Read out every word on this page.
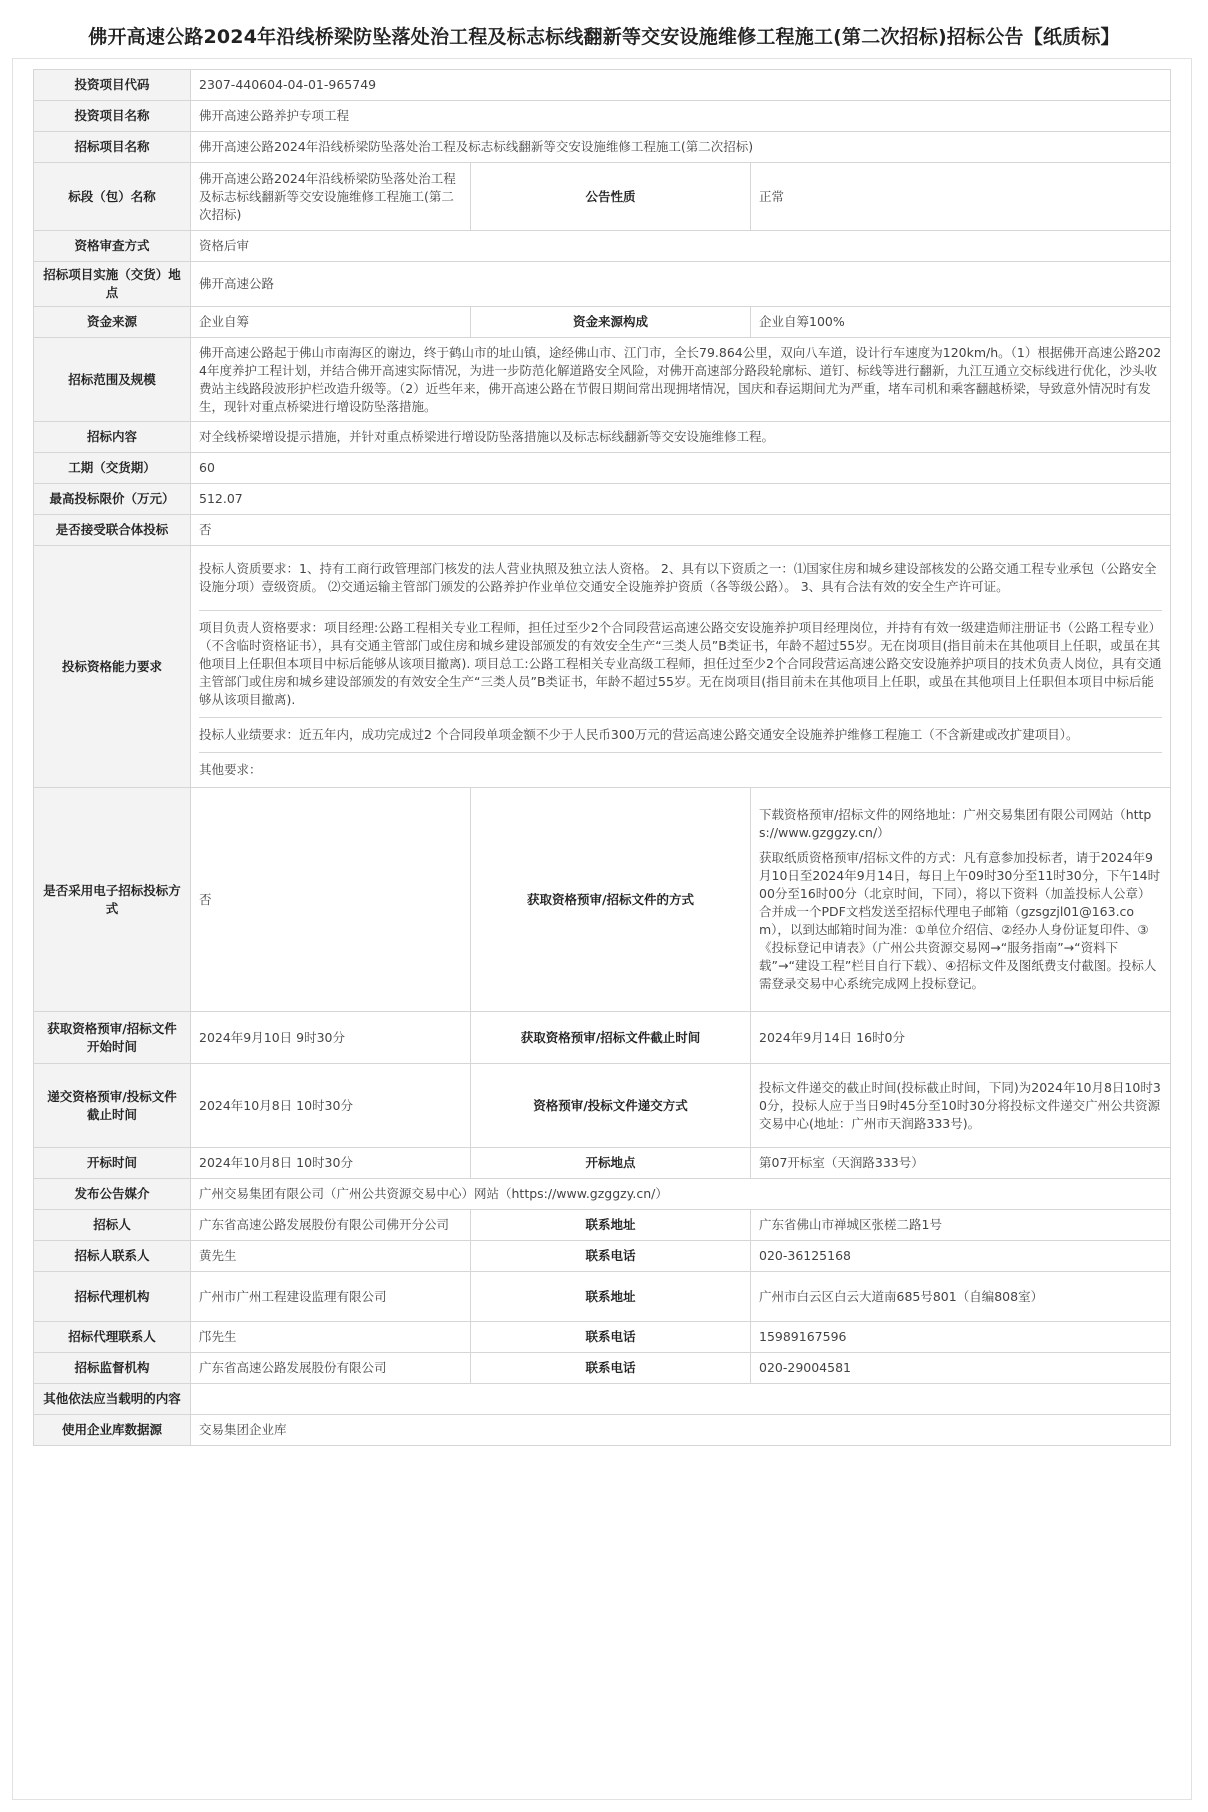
佛开高速公路2024年沿线桥梁防坠落处治工程及标志标线翻新等交安设施维修工程施工(第二次招标)招标公告【纸质标】
投资项目代码	2307-440604-04-01-965749		
投资项目名称	佛开高速公路养护专项工程		
招标项目名称	佛开高速公路2024年沿线桥梁防坠落处治工程及标志标线翻新等交安设施维修工程施工(第二次招标)		
标段（包）名称	佛开高速公路2024年沿线桥梁防坠落处治工程及标志标线翻新等交安设施维修工程施工(第二次招标)	公告性质	正常
资格审查方式	资格后审		
招标项目实施（交货）地点	佛开高速公路		
资金来源	企业自筹	资金来源构成	企业自筹100%
招标范围及规模	佛开高速公路起于佛山市南海区的谢边，终于鹤山市的址山镇，途经佛山市、江门市，全长79.864公里，双向八车道，设计行车速度为120km/h。（1）根据佛开高速公路2024年度养护工程计划，并结合佛开高速实际情况，为进一步防范化解道路安全风险，对佛开高速部分路段轮廓标、道钉、标线等进行翻新，九江互通立交标线进行优化，沙头收费站主线路段波形护栏改造升级等。（2）近些年来，佛开高速公路在节假日期间常出现拥堵情况，国庆和春运期间尤为严重，堵车司机和乘客翻越桥梁，导致意外情况时有发生，现针对重点桥梁进行增设防坠落措施。		
招标内容	对全线桥梁增设提示措施，并针对重点桥梁进行增设防坠落措施以及标志标线翻新等交安设施维修工程。		
工期（交货期）	60		
最高投标限价（万元）	512.07		
是否接受联合体投标	否		
投标资格能力要求	投标人资质要求：1、持有工商行政管理部门核发的法人营业执照及独立法人资格。 2、具有以下资质之一：⑴国家住房和城乡建设部核发的公路交通工程专业承包（公路安全设施分项）壹级资质。 ⑵交通运输主管部门颁发的公路养护作业单位交通安全设施养护资质（各等级公路）。 3、具有合法有效的安全生产许可证。
项目负责人资格要求：项目经理:公路工程相关专业工程师，担任过至少2个合同段营运高速公路交安设施养护项目经理岗位，并持有有效一级建造师注册证书（公路工程专业）（不含临时资格证书），具有交通主管部门或住房和城乡建设部颁发的有效安全生产“三类人员”B类证书，年龄不超过55岁。无在岗项目(指目前未在其他项目上任职，或虽在其他项目上任职但本项目中标后能够从该项目撤离). 项目总工:公路工程相关专业高级工程师，担任过至少2个合同段营运高速公路交安设施养护项目的技术负责人岗位，具有交通主管部门或住房和城乡建设部颁发的有效安全生产“三类人员”B类证书，年龄不超过55岁。无在岗项目(指目前未在其他项目上任职，或虽在其他项目上任职但本项目中标后能够从该项目撤离).
投标人业绩要求：近五年内，成功完成过2 个合同段单项金额不少于人民币300万元的营运高速公路交通安全设施养护维修工程施工（不含新建或改扩建项目）。
其他要求：		

是否采用电子招标投标方式	否	获取资格预审/招标文件的方式	下载资格预审/招标文件的网络地址：广州交易集团有限公司网站（https://www.gzggzy.cn/）
获取纸质资格预审/招标文件的方式：凡有意参加投标者，请于2024年9月10日至2024年9月14日，每日上午09时30分至11时30分，下午14时00分至16时00分（北京时间，下同），将以下资料（加盖投标人公章）合并成一个PDF文档发送至招标代理电子邮箱（gzsgzjl01@163.com），以到达邮箱时间为准：①单位介绍信、②经办人身份证复印件、③《投标登记申请表》（广州公共资源交易网→“服务指南”→“资料下载”→“建设工程”栏目自行下载）、④招标文件及图纸费支付截图。投标人需登录交易中心系统完成网上投标登记。

获取资格预审/招标文件开始时间	2024年9月10日 9时30分	获取资格预审/招标文件截止时间	2024年9月14日 16时0分
递交资格预审/投标文件截止时间	2024年10月8日 10时30分	资格预审/投标文件递交方式	投标文件递交的截止时间(投标截止时间，下同)为2024年10月8日10时30分，投标人应于当日9时45分至10时30分将投标文件递交广州公共资源交易中心(地址：广州市天润路333号)。
开标时间	2024年10月8日 10时30分	开标地点	第07开标室（天润路333号）
发布公告媒介	广州交易集团有限公司（广州公共资源交易中心）网站（https://www.gzggzy.cn/）		
招标人	广东省高速公路发展股份有限公司佛开分公司	联系地址	广东省佛山市禅城区张槎二路1号
招标人联系人	黄先生	联系电话	020-36125168
招标代理机构	广州市广州工程建设监理有限公司	联系地址	广州市白云区白云大道南685号801（自编808室）
招标代理联系人	邝先生	联系电话	15989167596
招标监督机构	广东省高速公路发展股份有限公司	联系电话	020-29004581
其他依法应当载明的内容			
使用企业库数据源	交易集团企业库		
